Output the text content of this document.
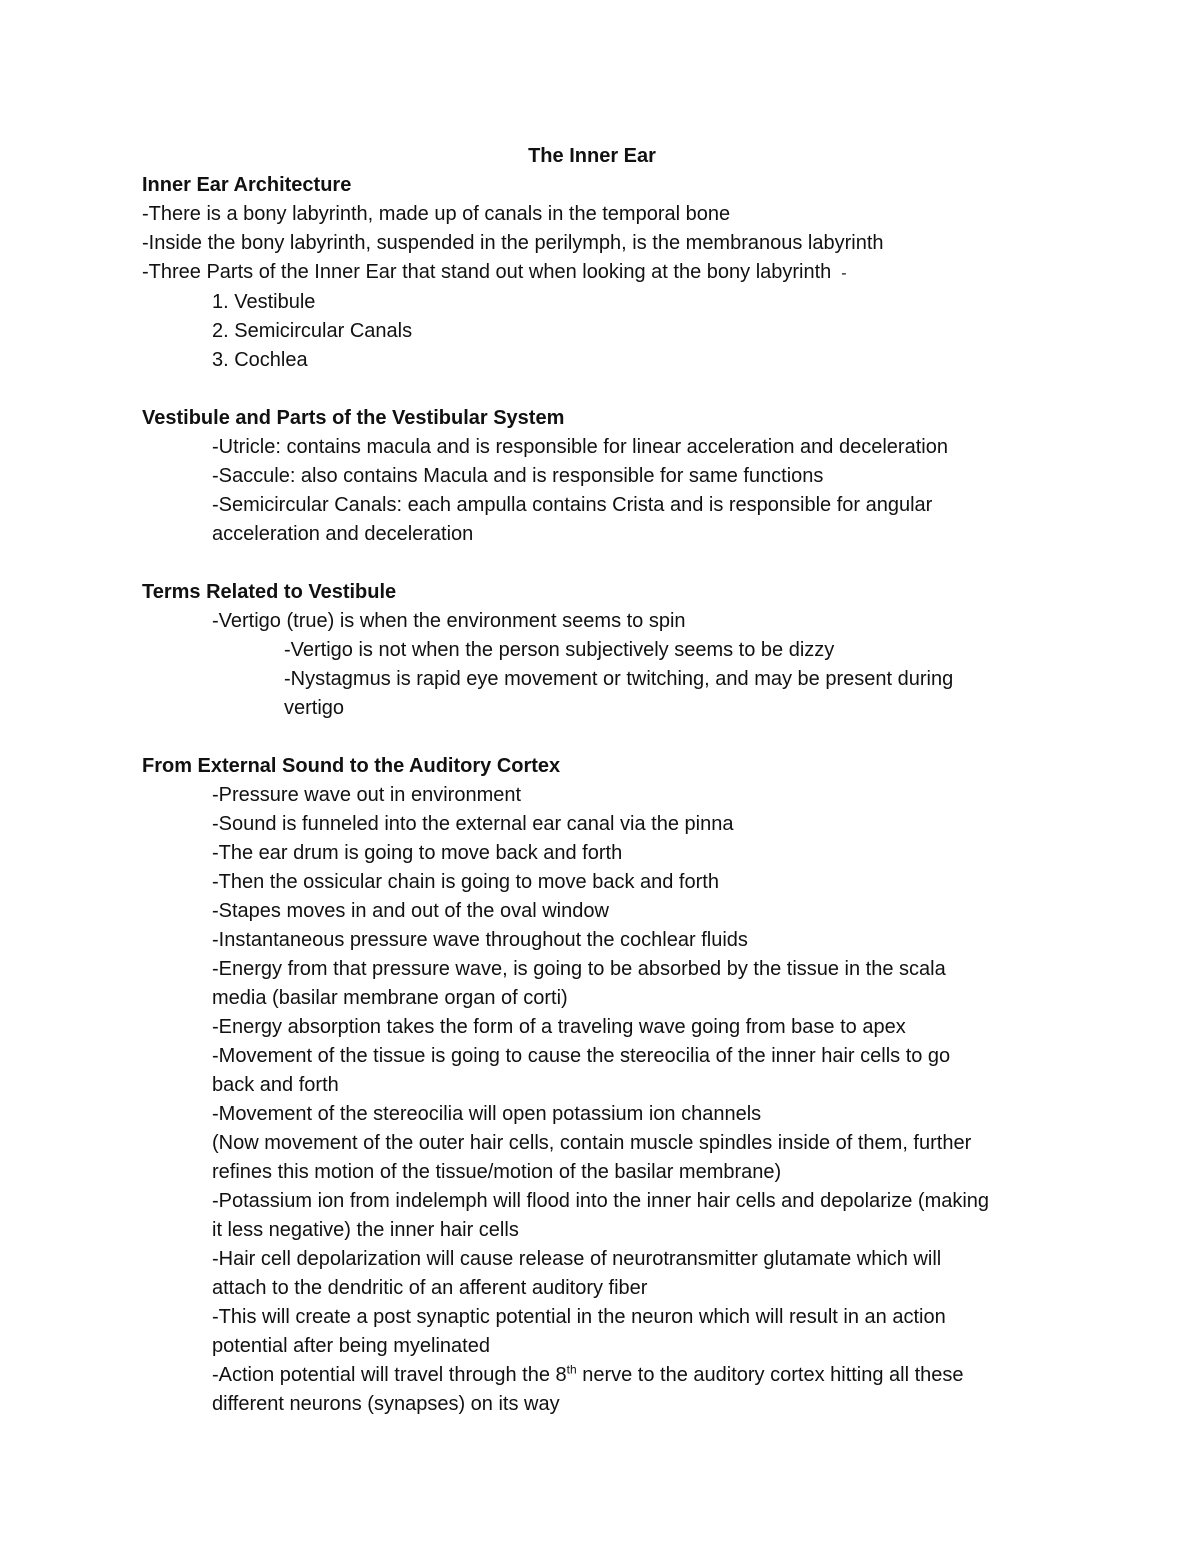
The Inner Ear

Inner Ear Architecture

-There is a bony labyrinth, made up of canals in the temporal bone

-Inside the bony labyrinth, suspended in the perilymph, is the membranous labyrinth

-Three Parts of the Inner Ear that stand out when looking at the bony labyrinth -

1. Vestibule

2. Semicircular Canals

3. Cochlea

Vestibule and Parts of the Vestibular System

-Utricle: contains macula and is responsible for linear acceleration and deceleration

-Saccule: also contains Macula and is responsible for same functions

-Semicircular Canals: each ampulla contains Crista and is responsible for angular

acceleration and deceleration

Terms Related to Vestibule

-Vertigo (true) is when the environment seems to spin

-Vertigo is not when the person subjectively seems to be dizzy

-Nystagmus is rapid eye movement or twitching, and may be present during

vertigo

From External Sound to the Auditory Cortex

-Pressure wave out in environment

-Sound is funneled into the external ear canal via the pinna

-The ear drum is going to move back and forth

-Then the ossicular chain is going to move back and forth

-Stapes moves in and out of the oval window

-Instantaneous pressure wave throughout the cochlear fluids

-Energy from that pressure wave, is going to be absorbed by the tissue in the scala

media (basilar membrane organ of corti)

-Energy absorption takes the form of a traveling wave going from base to apex

-Movement of the tissue is going to cause the stereocilia of the inner hair cells to go

back and forth

-Movement of the stereocilia will open potassium ion channels

(Now movement of the outer hair cells, contain muscle spindles inside of them, further

refines this motion of the tissue/motion of the basilar membrane)

-Potassium ion from indelemph will flood into the inner hair cells and depolarize (making

it less negative) the inner hair cells

-Hair cell depolarization will cause release of neurotransmitter glutamate which will

attach to the dendritic of an afferent auditory fiber

-This will create a post synaptic potential in the neuron which will result in an action

potential after being myelinated

-Action potential will travel through the 8th nerve to the auditory cortex hitting all these

different neurons (synapses) on its way
